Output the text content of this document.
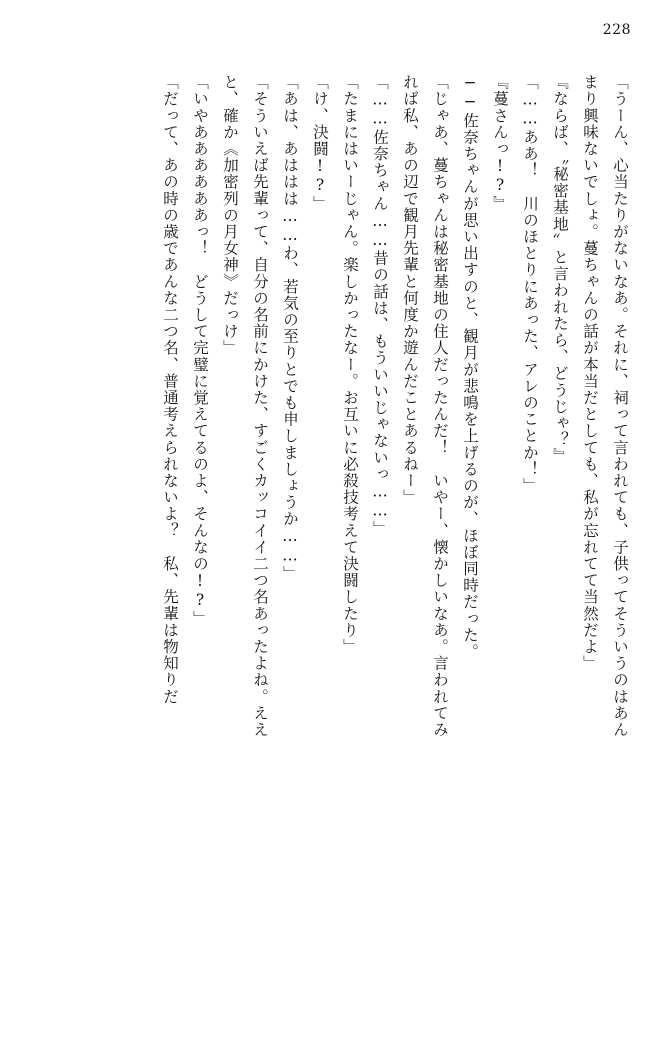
228
「うーん、心当たりがないなあ。それに、祠って言われても、子供ってそういうのはあん
まり興味ないでしょ。蔓ちゃんの話が本当だとしても、私が忘れてて当然だよ」
『ならば、〝秘密基地〟と言われたら、どうじゃ？』
「……ああ！　川のほとりにあった、アレのことか！」
『蔓さんっ!?』
──佐奈ちゃんが思い出すのと、観月が悲鳴を上げるのが、ほぼ同時だった。
「じゃあ、蔓ちゃんは秘密基地の住人だったんだ！　いやー、懐かしいなあ。言われてみ
れば私、あの辺で観月先輩と何度か遊んだことあるねー」
「……佐奈ちゃん……昔の話は、もういいじゃないっ……」
「たまにはいーじゃん。楽しかったなー。お互いに必殺技考えて決闘したり」
「け、決闘!?」
「あは、あははは……わ、若気の至りとでも申しましょうか……」
「そういえば先輩って、自分の名前にかけた、すごくカッコイイ二つ名あったよね。ええ
と、確か《加密列の月女神》だっけ」
「いやああああああっ！　どうして完璧に覚えてるのよ、そんなの!?」
「だって、あの時の歳であんな二つ名、普通考えられないよ？　私、先輩は物知りだ
